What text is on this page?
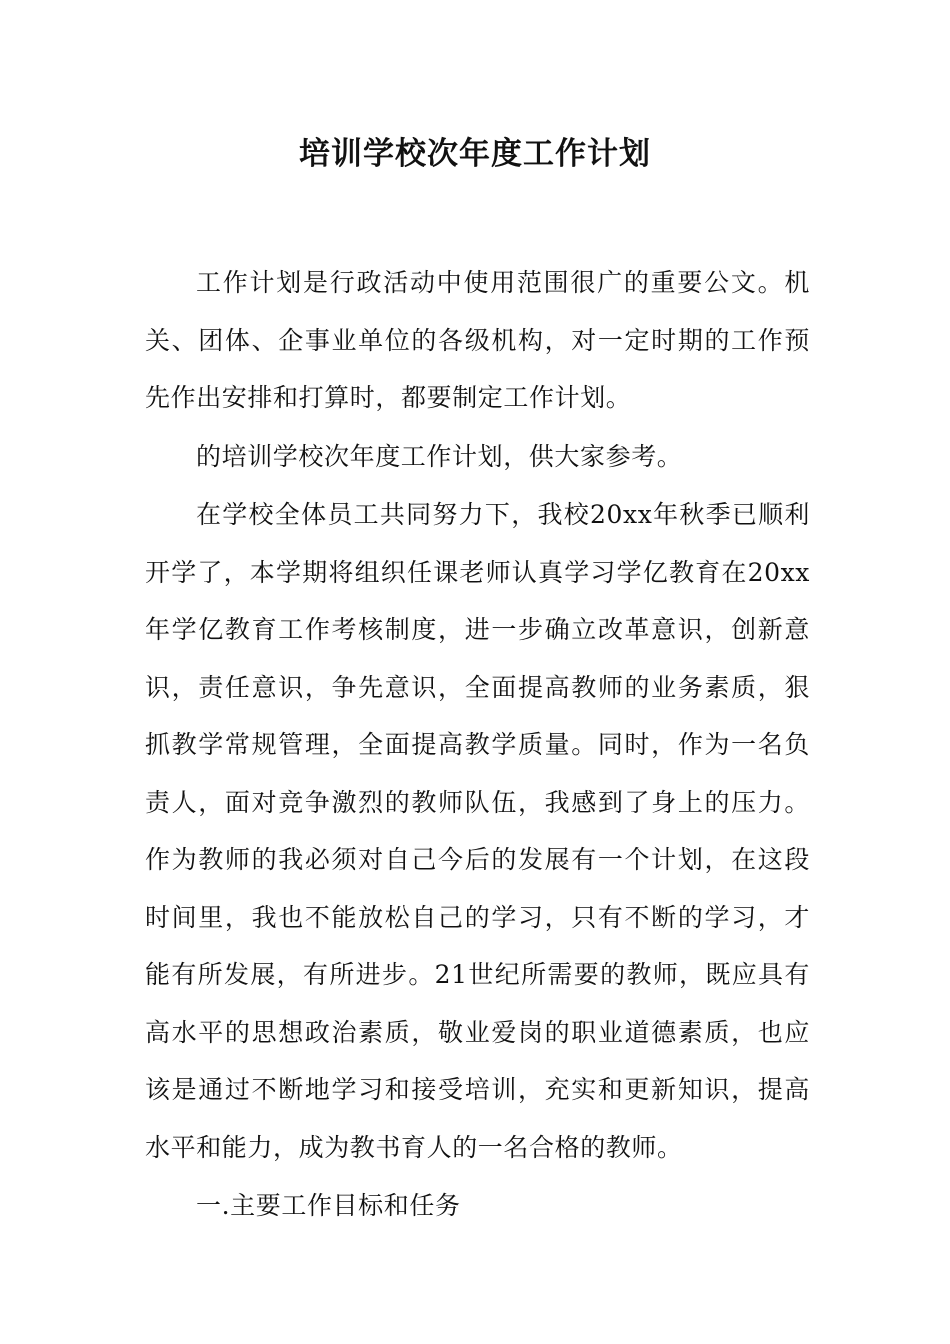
培训学校次年度工作计划

工作计划是行政活动中使用范围很广的重要公文。机关、团体、企事业单位的各级机构，对一定时期的工作预先作出安排和打算时，都要制定工作计划。

的培训学校次年度工作计划，供大家参考。

在学校全体员工共同努力下，我校20xx年秋季已顺利开学了，本学期将组织任课老师认真学习学亿教育在20xx年学亿教育工作考核制度，进一步确立改革意识，创新意识，责任意识，争先意识，全面提高教师的业务素质，狠抓教学常规管理，全面提高教学质量。同时，作为一名负责人，面对竞争激烈的教师队伍，我感到了身上的压力。作为教师的我必须对自己今后的发展有一个计划，在这段时间里，我也不能放松自己的学习，只有不断的学习，才能有所发展，有所进步。21世纪所需要的教师，既应具有高水平的思想政治素质，敬业爱岗的职业道德素质，也应该是通过不断地学习和接受培训，充实和更新知识，提高水平和能力，成为教书育人的一名合格的教师。

一.主要工作目标和任务
